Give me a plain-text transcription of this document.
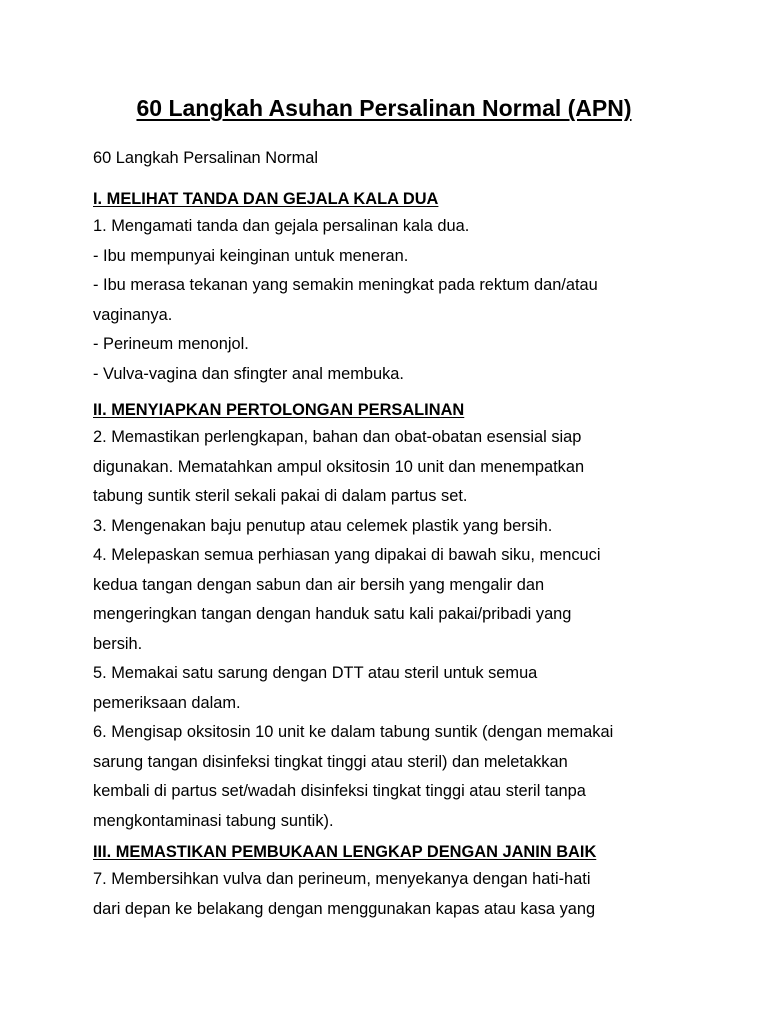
60 Langkah Asuhan Persalinan Normal (APN)

60 Langkah Persalinan Normal

I. MELIHAT TANDA DAN GEJALA KALA DUA

1. Mengamati tanda dan gejala persalinan kala dua.

- Ibu mempunyai keinginan untuk meneran.

- Ibu merasa tekanan yang semakin meningkat pada rektum dan/atau

vaginanya.

- Perineum menonjol.

- Vulva-vagina dan sfingter anal membuka.

II. MENYIAPKAN PERTOLONGAN PERSALINAN

2. Memastikan perlengkapan, bahan dan obat-obatan esensial siap

digunakan. Mematahkan ampul oksitosin 10 unit dan menempatkan

tabung suntik steril sekali pakai di dalam partus set.

3. Mengenakan baju penutup atau celemek plastik yang bersih.

4. Melepaskan semua perhiasan yang dipakai di bawah siku, mencuci

kedua tangan dengan sabun dan air bersih yang mengalir dan

mengeringkan tangan dengan handuk satu kali pakai/pribadi yang

bersih.

5. Memakai satu sarung dengan DTT atau steril untuk semua

pemeriksaan dalam.

6. Mengisap oksitosin 10 unit ke dalam tabung suntik (dengan memakai

sarung tangan disinfeksi tingkat tinggi atau steril) dan meletakkan

kembali di partus set/wadah disinfeksi tingkat tinggi atau steril tanpa

mengkontaminasi tabung suntik).

III. MEMASTIKAN PEMBUKAAN LENGKAP DENGAN JANIN BAIK

7. Membersihkan vulva dan perineum, menyekanya dengan hati-hati

dari depan ke belakang dengan menggunakan kapas atau kasa yang
